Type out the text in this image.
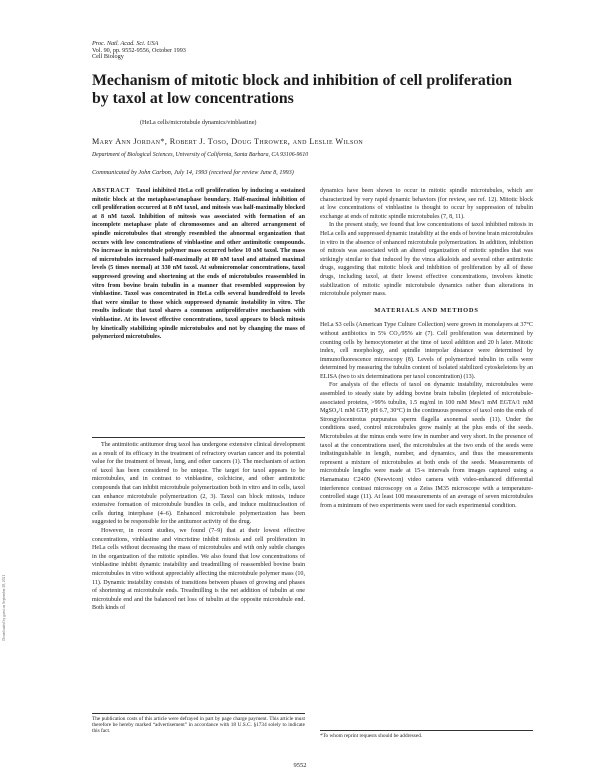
Proc. Natl. Acad. Sci. USA
Vol. 90, pp. 9552-9556, October 1993
Cell Biology
Mechanism of mitotic block and inhibition of cell proliferation by taxol at low concentrations
(HeLa cells/microtubule dynamics/vinblastine)
Mary Ann Jordan*, Robert J. Toso, Doug Thrower, and Leslie Wilson
Department of Biological Sciences, University of California, Santa Barbara, CA 93106-9610
Communicated by John Carbon, July 14, 1993 (received for review June 8, 1993)
ABSTRACT Taxol inhibited HeLa cell proliferation by inducing a sustained mitotic block at the metaphase/anaphase boundary. Half-maximal inhibition of cell proliferation occurred at 8 nM taxol, and mitosis was half-maximally blocked at 8 nM taxol. Inhibition of mitosis was associated with formation of an incomplete metaphase plate of chromosomes and an altered arrangement of spindle microtubules that strongly resembled the abnormal organization that occurs with low concentrations of vinblastine and other antimitotic compounds. No increase in microtubule polymer mass occurred below 10 nM taxol. The mass of microtubules increased half-maximally at 80 nM taxol and attained maximal levels (5 times normal) at 330 nM taxol. At submicromolar concentrations, taxol suppressed growing and shortening at the ends of microtubules reassembled in vitro from bovine brain tubulin in a manner that resembled suppression by vinblastine. Taxol was concentrated in HeLa cells several hundredfold to levels that were similar to those which suppressed dynamic instability in vitro. The results indicate that taxol shares a common antiproliferative mechanism with vinblastine. At its lowest effective concentrations, taxol appears to block mitosis by kinetically stabilizing spindle microtubules and not by changing the mass of polymerized microtubules.

The antimitotic antitumor drug taxol has undergone extensive clinical development as a result of its efficacy in the treatment of refractory ovarian cancer and its potential value for the treatment of breast, lung, and other cancers (1). The mechanism of action of taxol has been considered to be unique. The target for taxol appears to be microtubules, and in contrast to vinblastine, colchicine, and other antimitotic compounds that can inhibit microtubule polymerization both in vitro and in cells, taxol can enhance microtubule polymerization (2, 3). Taxol can block mitosis, induce extensive formation of microtubule bundles in cells, and induce multinucleation of cells during interphase (4–6). Enhanced microtubule polymerization has been suggested to be responsible for the antitumor activity of the drug.

However, in recent studies, we found (7–9) that at their lowest effective concentrations, vinblastine and vincristine inhibit mitosis and cell proliferation in HeLa cells without decreasing the mass of microtubules and with only subtle changes in the organization of the mitotic spindles. We also found that low concentrations of vinblastine inhibit dynamic instability and treadmilling of reassembled bovine brain microtubules in vitro without appreciably affecting the microtubule polymer mass (10, 11). Dynamic instability consists of transitions between phases of growing and phases of shortening at microtubule ends. Treadmilling is the net addition of tubulin at one microtubule end and the balanced net loss of tubulin at the opposite microtubule end. Both kinds of

The publication costs of this article were defrayed in part by page charge payment. This article must therefore be hereby marked “advertisement” in accordance with 18 U.S.C. §1734 solely to indicate this fact.

dynamics have been shown to occur in mitotic spindle microtubules, which are characterized by very rapid dynamic behaviors (for review, see ref. 12). Mitotic block at low concentrations of vinblastine is thought to occur by suppression of tubulin exchange at ends of mitotic spindle microtubules (7, 8, 11).

In the present study, we found that low concentrations of taxol inhibited mitosis in HeLa cells and suppressed dynamic instability at the ends of bovine brain microtubules in vitro in the absence of enhanced microtubule polymerization. In addition, inhibition of mitosis was associated with an altered organization of mitotic spindles that was strikingly similar to that induced by the vinca alkaloids and several other antimitotic drugs, suggesting that mitotic block and inhibition of proliferation by all of these drugs, including taxol, at their lowest effective concentrations, involves kinetic stabilization of mitotic spindle microtubule dynamics rather than alterations in microtubule polymer mass.

MATERIALS AND METHODS

HeLa S3 cells (American Type Culture Collection) were grown in monolayers at 37°C without antibiotics in 5% CO₂/95% air (7). Cell proliferation was determined by counting cells by hemocytometer at the time of taxol addition and 20 h later. Mitotic index, cell morphology, and spindle interpolar distance were determined by immunofluorescence microscopy (8). Levels of polymerized tubulin in cells were determined by measuring the tubulin content of isolated stabilized cytoskeletons by an ELISA (two to six determinations per taxol concentration) (13).

For analysis of the effects of taxol on dynamic instability, microtubules were assembled to steady state by adding bovine brain tubulin (depleted of microtubule-associated proteins, >99% tubulin, 1.5 mg/ml in 100 mM Mes/1 mM EGTA/1 mM MgSO₄/1 mM GTP, pH 6.7, 30°C) in the continuous presence of taxol onto the ends of Strongylocentrotus purpuratus sperm flagella axonemal seeds (11). Under the conditions used, control microtubules grow mainly at the plus ends of the seeds. Microtubules at the minus ends were few in number and very short. In the presence of taxol at the concentrations used, the microtubules at the two ends of the seeds were indistinguishable in length, number, and dynamics, and thus the measurements represent a mixture of microtubules at both ends of the seeds. Measurements of microtubule lengths were made at 15-s intervals from images captured using a Hamamatsu C2400 (Newvicon) video camera with video-enhanced differential interference contrast microscopy on a Zeiss IM35 microscope with a temperature-controlled stage (11). At least 100 measurements of an average of seven microtubules from a minimum of two experiments were used for each experimental condition.

*To whom reprint requests should be addressed.
9552
Downloaded by guest on September 28, 2021
